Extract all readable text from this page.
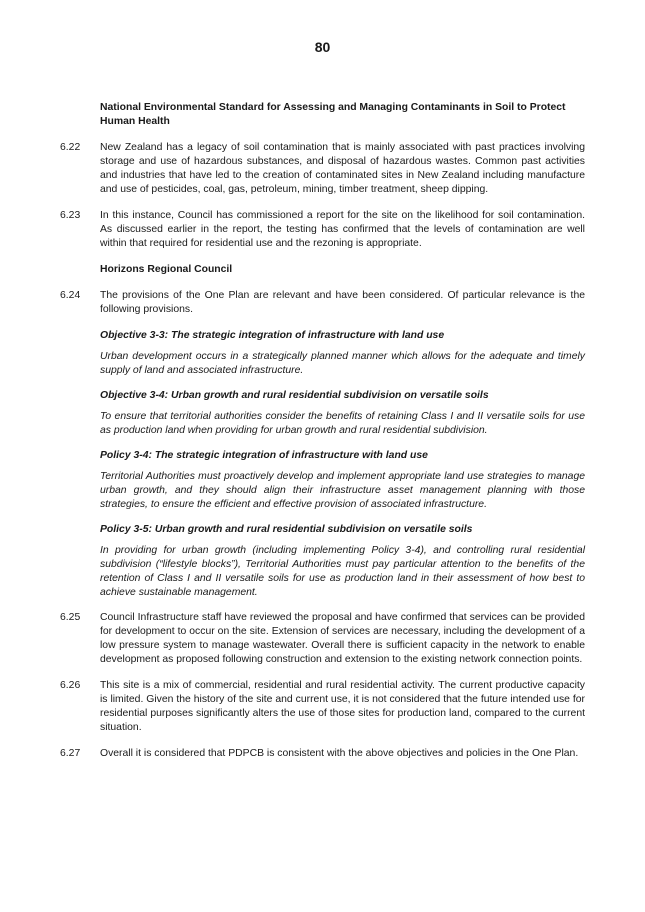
80
National Environmental Standard for Assessing and Managing Contaminants in Soil to Protect Human Health
6.22 New Zealand has a legacy of soil contamination that is mainly associated with past practices involving storage and use of hazardous substances, and disposal of hazardous wastes. Common past activities and industries that have led to the creation of contaminated sites in New Zealand including manufacture and use of pesticides, coal, gas, petroleum, mining, timber treatment, sheep dipping.
6.23 In this instance, Council has commissioned a report for the site on the likelihood for soil contamination. As discussed earlier in the report, the testing has confirmed that the levels of contamination are well within that required for residential use and the rezoning is appropriate.
Horizons Regional Council
6.24 The provisions of the One Plan are relevant and have been considered. Of particular relevance is the following provisions.
Objective 3-3: The strategic integration of infrastructure with land use
Urban development occurs in a strategically planned manner which allows for the adequate and timely supply of land and associated infrastructure.
Objective 3-4: Urban growth and rural residential subdivision on versatile soils
To ensure that territorial authorities consider the benefits of retaining Class I and II versatile soils for use as production land when providing for urban growth and rural residential subdivision.
Policy 3-4: The strategic integration of infrastructure with land use
Territorial Authorities must proactively develop and implement appropriate land use strategies to manage urban growth, and they should align their infrastructure asset management planning with those strategies, to ensure the efficient and effective provision of associated infrastructure.
Policy 3-5: Urban growth and rural residential subdivision on versatile soils
In providing for urban growth (including implementing Policy 3-4), and controlling rural residential subdivision (“lifestyle blocks”), Territorial Authorities must pay particular attention to the benefits of the retention of Class I and II versatile soils for use as production land in their assessment of how best to achieve sustainable management.
6.25 Council Infrastructure staff have reviewed the proposal and have confirmed that services can be provided for development to occur on the site. Extension of services are necessary, including the development of a low pressure system to manage wastewater. Overall there is sufficient capacity in the network to enable development as proposed following construction and extension to the existing network connection points.
6.26 This site is a mix of commercial, residential and rural residential activity. The current productive capacity is limited. Given the history of the site and current use, it is not considered that the future intended use for residential purposes significantly alters the use of those sites for production land, compared to the current situation.
6.27 Overall it is considered that PDPCB is consistent with the above objectives and policies in the One Plan.
